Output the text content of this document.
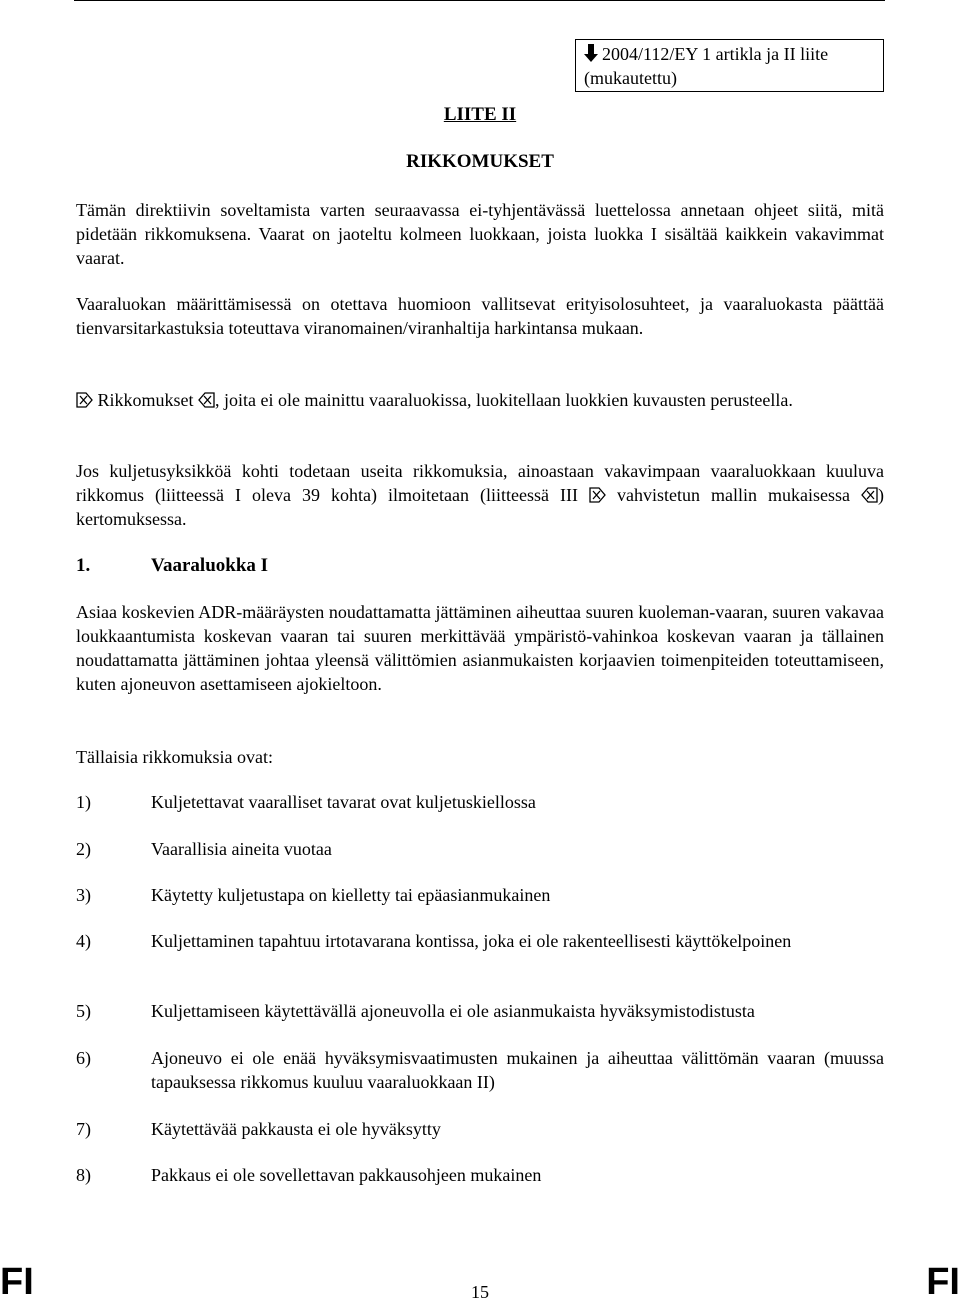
2004/112/EY 1 artikla ja II liite
(mukautettu)
LIITE II
RIKKOMUKSET
Tämän direktiivin soveltamista varten seuraavassa ei-tyhjentävässä luettelossa annetaan ohjeet siitä, mitä pidetään rikkomuksena. Vaarat on jaoteltu kolmeen luokkaan, joista luokka I sisältää kaikkein vakavimmat vaarat.
Vaaraluokan määrittämisessä on otettava huomioon vallitsevat erityisolosuhteet, ja vaaraluokasta päättää tienvarsitarkastuksia toteuttava viranomainen/viranhaltija harkintansa mukaan.
Rikkomukset , joita ei ole mainittu vaaraluokissa, luokitellaan luokkien kuvausten perusteella.
Jos kuljetusyksikköä kohti todetaan useita rikkomuksia, ainoastaan vakavimpaan vaaraluokkaan kuuluva rikkomus (liitteessä I oleva 39 kohta) ilmoitetaan (liitteessä III vahvistetun mallin mukaisessa ) kertomuksessa.
1.	Vaaraluokka I
Asiaa koskevien ADR-määräysten noudattamatta jättäminen aiheuttaa suuren kuoleman-vaaran, suuren vakavaa loukkaantumista koskevan vaaran tai suuren merkittävää ympäristö-vahinkoa koskevan vaaran ja tällainen noudattamatta jättäminen johtaa yleensä välittömien asianmukaisten korjaavien toimenpiteiden toteuttamiseen, kuten ajoneuvon asettamiseen ajokieltoon.
Tällaisia rikkomuksia ovat:
1)	Kuljetettavat vaaralliset tavarat ovat kuljetuskiellossa
2)	Vaarallisia aineita vuotaa
3)	Käytetty kuljetustapa on kielletty tai epäasianmukainen
4)	Kuljettaminen tapahtuu irtotavarana kontissa, joka ei ole rakenteellisesti käyttökelpoinen
5)	Kuljettamiseen käytettävällä ajoneuvolla ei ole asianmukaista hyväksymistodistusta
6)	Ajoneuvo ei ole enää hyväksymisvaatimusten mukainen ja aiheuttaa välittömän vaaran (muussa tapauksessa rikkomus kuuluu vaaraluokkaan II)
7)	Käytettävää pakkausta ei ole hyväksytty
8)	Pakkaus ei ole sovellettavan pakkausohjeen mukainen
FI	15	FI
